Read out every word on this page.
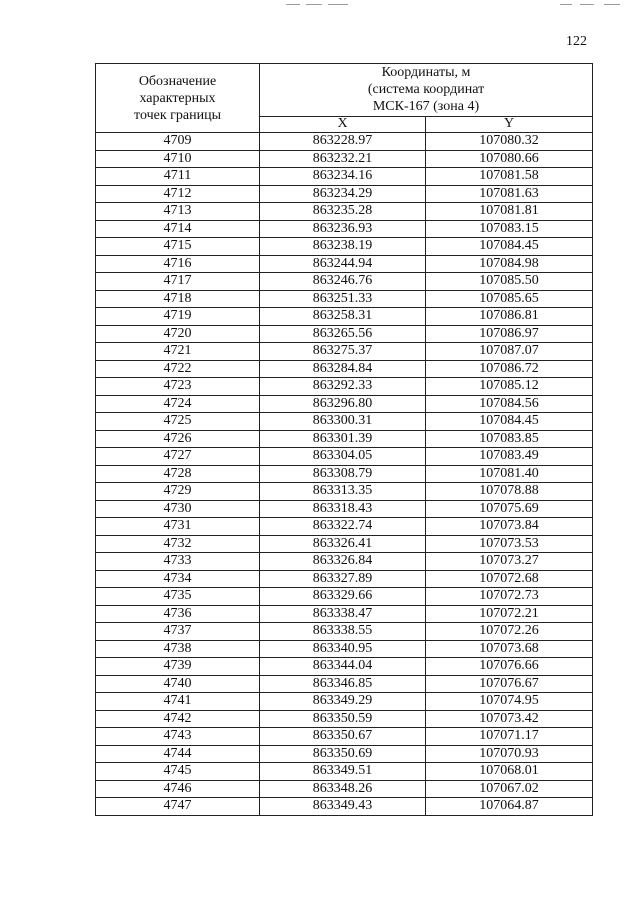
122
Обозначение
характерных
точек границы	Координаты, м
(система координат
МСК-167 (зона 4)	

	X	Y
4709	863228.97	107080.32
4710	863232.21	107080.66
4711	863234.16	107081.58
4712	863234.29	107081.63
4713	863235.28	107081.81
4714	863236.93	107083.15
4715	863238.19	107084.45
4716	863244.94	107084.98
4717	863246.76	107085.50
4718	863251.33	107085.65
4719	863258.31	107086.81
4720	863265.56	107086.97
4721	863275.37	107087.07
4722	863284.84	107086.72
4723	863292.33	107085.12
4724	863296.80	107084.56
4725	863300.31	107084.45
4726	863301.39	107083.85
4727	863304.05	107083.49
4728	863308.79	107081.40
4729	863313.35	107078.88
4730	863318.43	107075.69
4731	863322.74	107073.84
4732	863326.41	107073.53
4733	863326.84	107073.27
4734	863327.89	107072.68
4735	863329.66	107072.73
4736	863338.47	107072.21
4737	863338.55	107072.26
4738	863340.95	107073.68
4739	863344.04	107076.66
4740	863346.85	107076.67
4741	863349.29	107074.95
4742	863350.59	107073.42
4743	863350.67	107071.17
4744	863350.69	107070.93
4745	863349.51	107068.01
4746	863348.26	107067.02
4747	863349.43	107064.87
